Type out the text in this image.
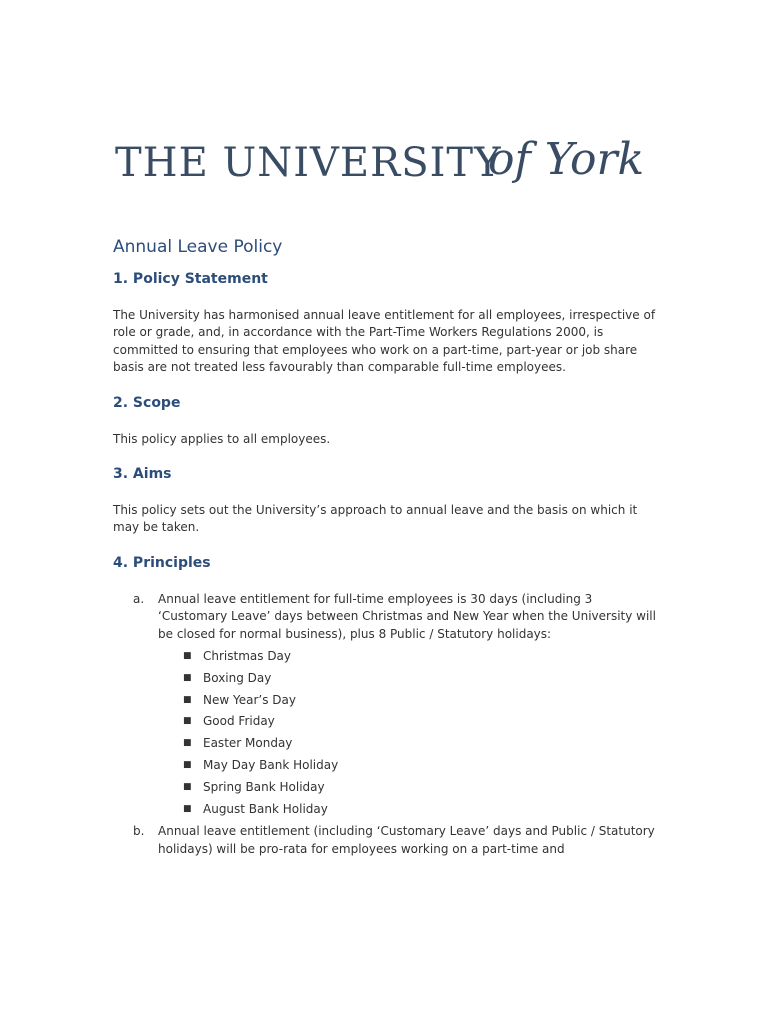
THE UNIVERSITY
of York
Annual Leave Policy
1. Policy Statement

The University has harmonised annual leave entitlement for all employees, irrespective of role or grade, and, in accordance with the Part-Time Workers Regulations 2000, is committed to ensuring that employees who work on a part-time, part-year or job share basis are not treated less favourably than comparable full-time employees.

2. Scope

This policy applies to all employees.

3. Aims

This policy sets out the University’s approach to annual leave and the basis on which it may be taken.

4. Principles
a. Annual leave entitlement for full-time employees is 30 days (including 3 ‘Customary Leave’ days between Christmas and New Year when the University will be closed for normal business), plus 8 Public / Statutory holidays:
■ Christmas Day
■ Boxing Day
■ New Year’s Day
■ Good Friday
■ Easter Monday
■ May Day Bank Holiday
■ Spring Bank Holiday
■ August Bank Holiday
b. Annual leave entitlement (including ‘Customary Leave’ days and Public / Statutory holidays) will be pro-rata for employees working on a part-time and
